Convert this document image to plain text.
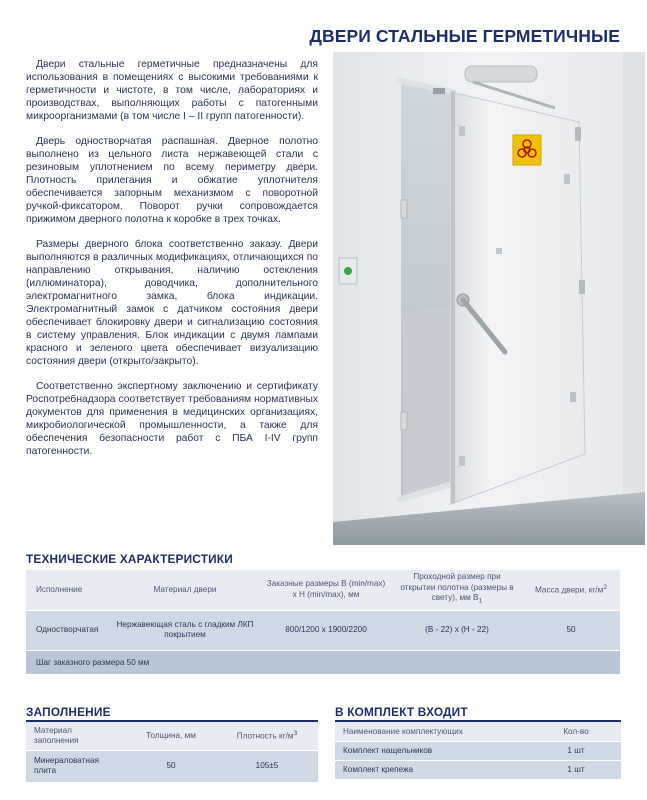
ДВЕРИ СТАЛЬНЫЕ ГЕРМЕТИЧНЫЕ

Двери стальные герметичные предназначены для использования в помещениях с высокими требованиями к герметичности и чистоте, в том числе, лабораториях и производствах, выполняющих работы с патогенными микроорганизмами (в том числе I – II групп патогенности).

Дверь одностворчатая распашная. Дверное полотно выполнено из цельного листа нержавеющей стали с резиновым уплотнением по всему периметру двери. Плотность прилегания и обжатие уплотнителя обеспечивается запорным механизмом с поворотной ручкой-фиксатором. Поворот ручки сопровождается прижимом дверного полотна к коробке в трех точках.

Размеры дверного блока соответственно заказу. Двери выполняются в различных модификациях, отличающихся по направлению открывания, наличию остекления (иллюминатора), доводчика, дополнительного электромагнитного замка, блока индикации. Электромагнитный замок с датчиком состояния двери обеспечивает блокировку двери и сигнализацию состояния в систему управления. Блок индикации с двумя лампами красного и зеленого цвета обеспечивает визуализацию состояния двери (открыто/закрыто).

Соответственно экспертному заключению и сертификату Роспотребнадзора соответствует требованиям нормативных документов для применения в медицинских организациях, микробиологической промышленности, а также для обеспечения безопасности работ с ПБА I-IV групп патогенности.

ТЕХНИЧЕСКИЕ ХАРАКТЕРИСТИКИ
Исполнение	Материал двери	Заказные размеры B (min/max) x H (min/max), мм	Проходной размер при открытии полотна (размеры в свету), мм $B_1$	Масса двери, $кг/м^2$
Одностворчатая	Нержавеющая сталь с гладким ЛКП покрытием	800/1200 x 1900/2200	(B - 22) x (H - 22)	50
Шаг заказного размера 50 мм				
ЗАПОЛНЕНИЕ
Материал заполнения	Толщина, мм	Плотность $кг/м^3$
Минераловатная плита	50	105±5
В КОМПЛЕКТ ВХОДИТ
Наименование комплектующих	Кол-во
Комплект нащельников	1 шт
Комплект крепежа	1 шт
